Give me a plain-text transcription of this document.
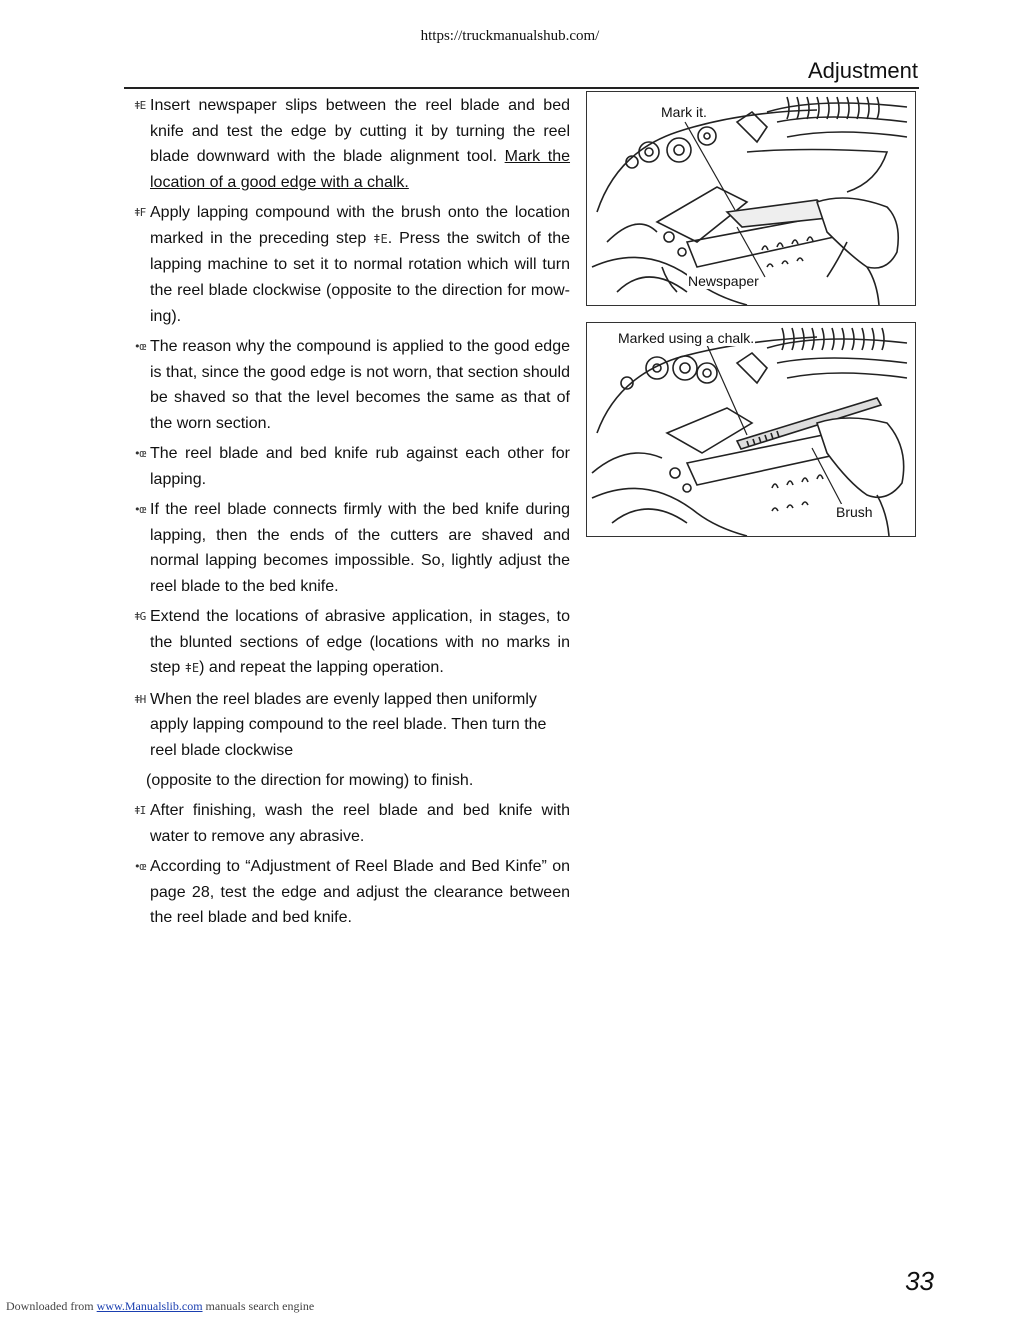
https://truckmanualshub.com/
Adjustment
ǂE Insert newspaper slips between the reel blade and bed knife and test the edge by cutting it by turning the reel blade downward with the blade alignment tool. Mark the location of a good edge with a chalk.
ǂF Apply lapping compound with the brush onto the location marked in the preceding step ǂE. Press the switch of the lapping machine to set it to normal rotation which will turn the reel blade clockwise (opposite to the direction for mow-ing).
•œ The reason why the compound is applied to the good edge is that, since the good edge is not worn, that section should be shaved so that the level becomes the same as that of the worn section.
•œ The reel blade and bed knife rub against each other for lapping.
•œ If the reel blade connects firmly with the bed knife during lapping, then the ends of the cutters are shaved and normal lapping becomes impossible. So, lightly adjust the reel blade to the bed knife.
ǂG Extend the locations of abrasive application, in stages, to the blunted sections of edge (locations with no marks in step ǂE) and repeat the lapping operation.
ǂH When the reel blades are evenly lapped then uniformly apply lapping compound to the reel blade. Then turn the reel blade clockwise
(opposite to the direction for mowing) to finish.
ǂI After finishing, wash the reel blade and bed knife with water to remove any abrasive.
•œ According to “Adjustment of Reel Blade and Bed Kinfe” on page 28, test the edge and adjust the clearance between the reel blade and bed knife.
Mark it.
Newspaper
Marked using a chalk.
Brush
33
Downloaded from www.Manualslib.com manuals search engine
